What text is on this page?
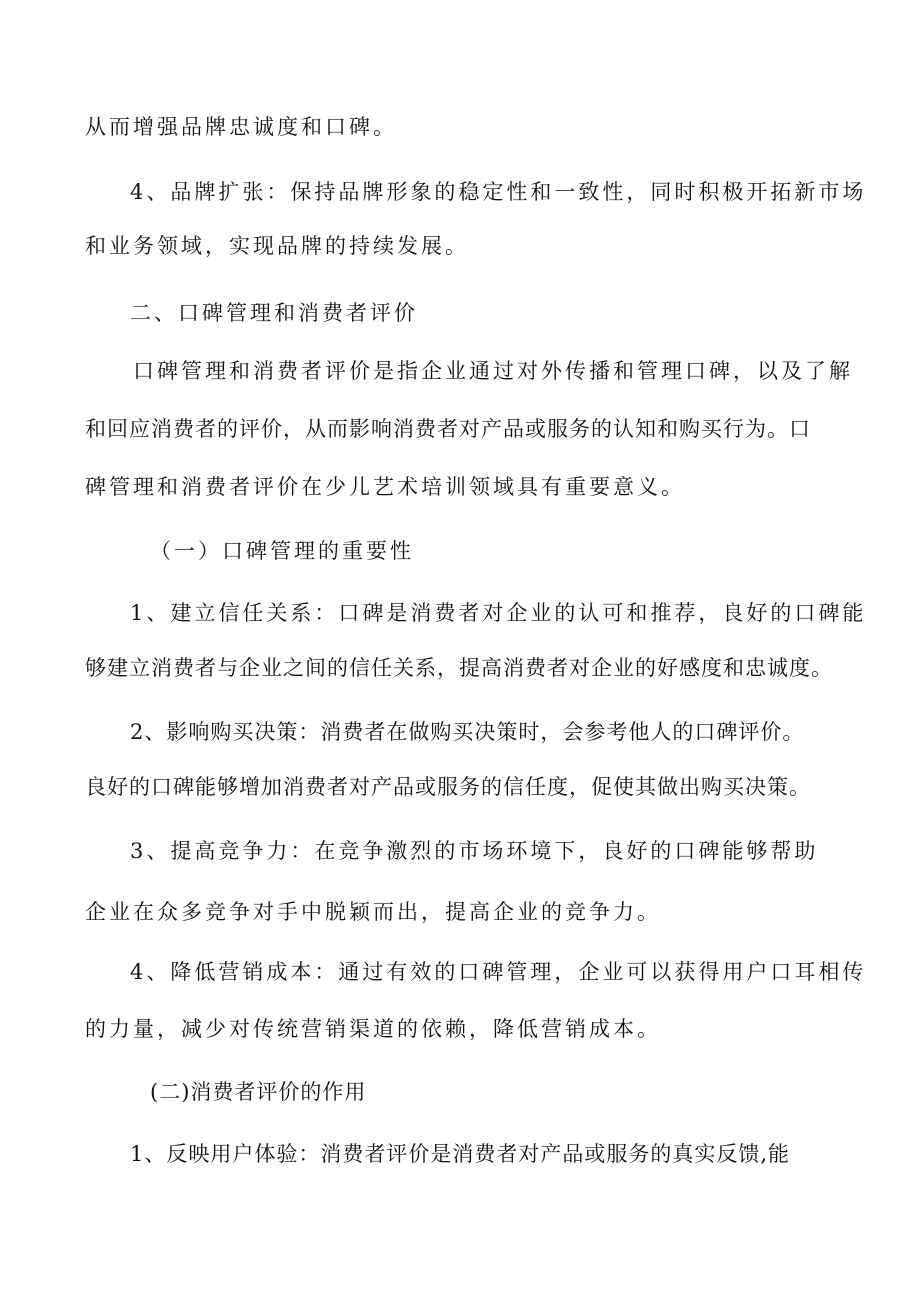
从而增强品牌忠诚度和口碑。

4、品牌扩张：保持品牌形象的稳定性和一致性，同时积极开拓新市场

和业务领域，实现品牌的持续发展。

二、口碑管理和消费者评价

口碑管理和消费者评价是指企业通过对外传播和管理口碑，以及了解

和回应消费者的评价，从而影响消费者对产品或服务的认知和购买行为。口

碑管理和消费者评价在少儿艺术培训领域具有重要意义。

（一）口碑管理的重要性

1、建立信任关系：口碑是消费者对企业的认可和推荐，良好的口碑能

够建立消费者与企业之间的信任关系，提高消费者对企业的好感度和忠诚度。

2、影响购买决策：消费者在做购买决策时，会参考他人的口碑评价。

良好的口碑能够增加消费者对产品或服务的信任度，促使其做出购买决策。

3、提高竞争力：在竞争激烈的市场环境下，良好的口碑能够帮助

企业在众多竞争对手中脱颖而出，提高企业的竞争力。

4、降低营销成本：通过有效的口碑管理，企业可以获得用户口耳相传

的力量，减少对传统营销渠道的依赖，降低营销成本。

(二)消费者评价的作用

1、反映用户体验：消费者评价是消费者对产品或服务的真实反馈,能
